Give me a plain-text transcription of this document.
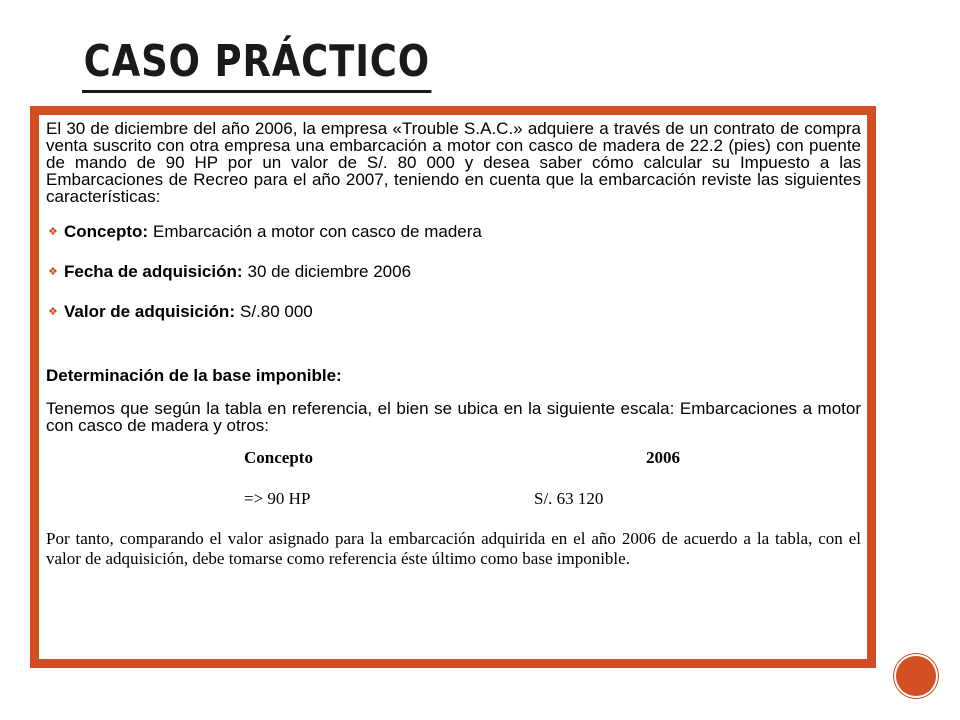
CASO PRÁCTICO

El 30 de diciembre del año 2006, la empresa «Trouble S.A.C.» adquiere a través de un contrato de compra venta suscrito con otra empresa una embarcación a motor con casco de madera de 22.2 (pies) con puente de mando de 90 HP por un valor de S/. 80 000 y desea saber cómo calcular su Impuesto a las Embarcaciones de Recreo para el año 2007, teniendo en cuenta que la embarcación reviste las siguientes características:

❖ Concepto: Embarcación a motor con casco de madera
❖ Fecha de adquisición: 30 de diciembre 2006
❖ Valor de adquisición: S/.80 000

Determinación de la base imponible:

Tenemos que según la tabla en referencia, el bien se ubica en la siguiente escala: Embarcaciones a motor con casco de madera y otros:

Concepto	2006
=> 90 HP	S/. 63 120

Por tanto, comparando el valor asignado para la embarcación adquirida en el año 2006 de acuerdo a la tabla, con el valor de adquisición, debe tomarse como referencia éste último como base imponible.
